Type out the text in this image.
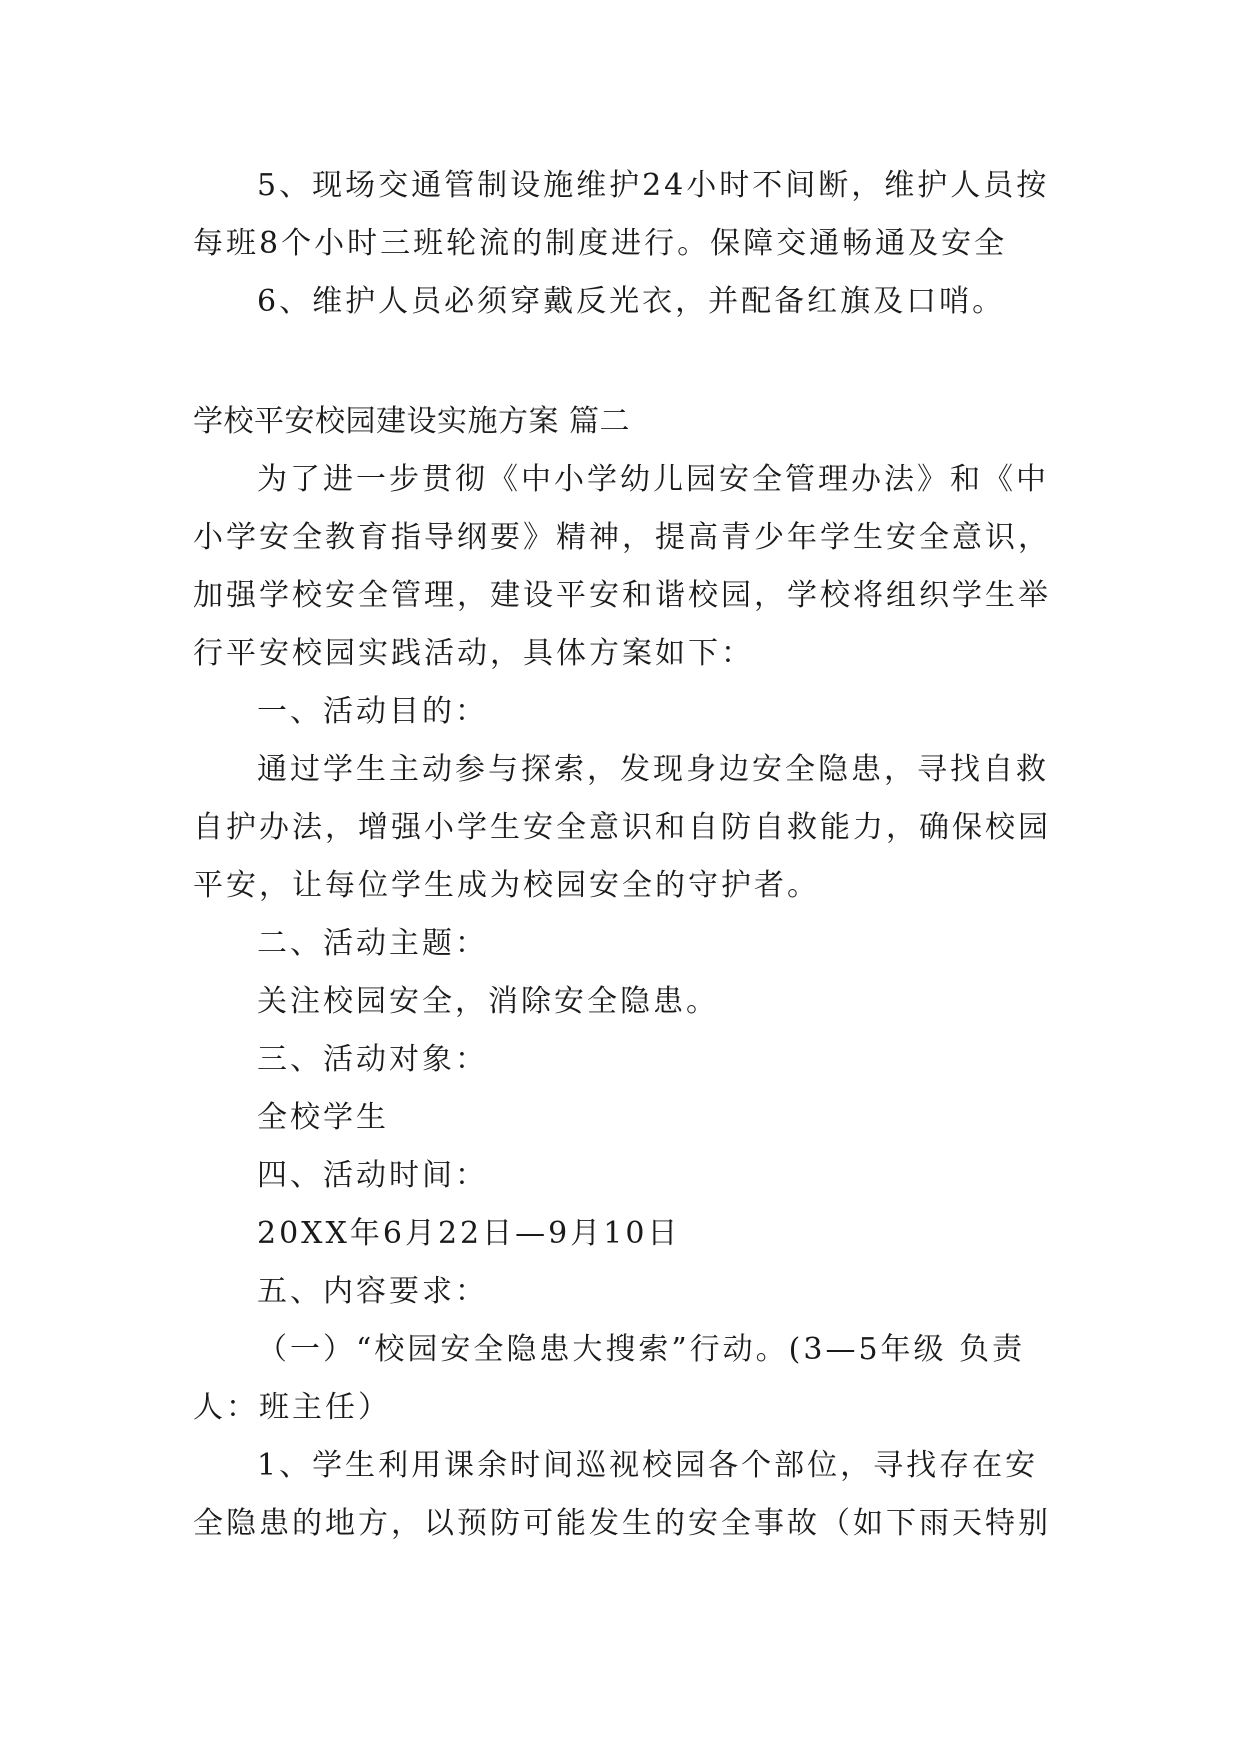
5、现场交通管制设施维护24小时不间断，维护人员按
每班8个小时三班轮流的制度进行。保障交通畅通及安全
6、维护人员必须穿戴反光衣，并配备红旗及口哨。
学校平安校园建设实施方案 篇二
为了进一步贯彻《中小学幼儿园安全管理办法》和《中
小学安全教育指导纲要》精神，提高青少年学生安全意识，
加强学校安全管理，建设平安和谐校园，学校将组织学生举
行平安校园实践活动，具体方案如下：
一、活动目的：
通过学生主动参与探索，发现身边安全隐患，寻找自救
自护办法，增强小学生安全意识和自防自救能力，确保校园
平安，让每位学生成为校园安全的守护者。
二、活动主题：
关注校园安全，消除安全隐患。
三、活动对象：
全校学生
四、活动时间：
20XX年6月22日—9月10日
五、内容要求：
（一）“校园安全隐患大搜索”行动。(3—5年级 负责
人：班主任）
1、学生利用课余时间巡视校园各个部位，寻找存在安
全隐患的地方，以预防可能发生的安全事故（如下雨天特别
